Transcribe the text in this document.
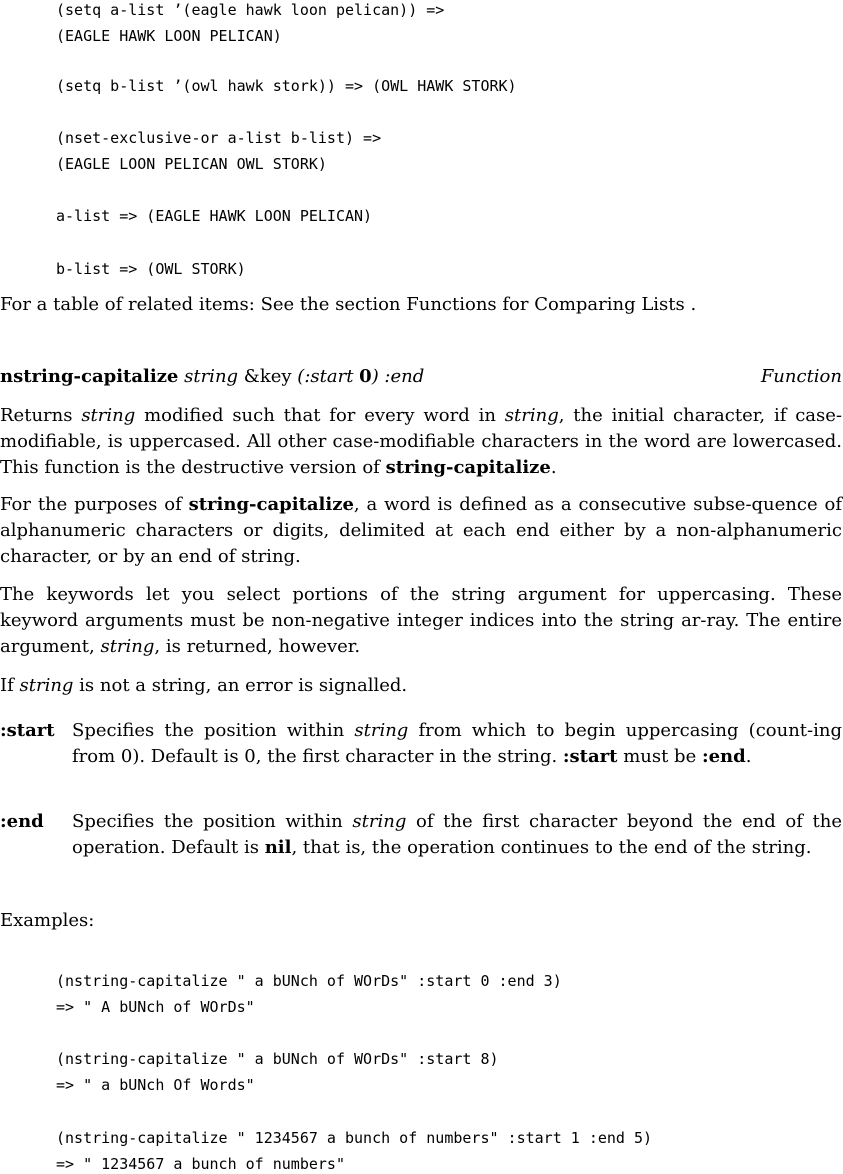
(setq a-list ’(eagle hawk loon pelican)) =>
(EAGLE HAWK LOON PELICAN)
(setq b-list ’(owl hawk stork)) => (OWL HAWK STORK)
(nset-exclusive-or a-list b-list) =>
(EAGLE LOON PELICAN OWL STORK)
a-list => (EAGLE HAWK LOON PELICAN)
b-list => (OWL STORK)
For a table of related items: See the section Functions for Comparing Lists .
nstring-capitalize string &key (:start 0) :end	Function
Returns string modified such that for every word in string, the initial character, if case-modifiable, is uppercased. All other case-modifiable characters in the word are lowercased. This function is the destructive version of string-capitalize.
For the purposes of string-capitalize, a word is defined as a consecutive subse-quence of alphanumeric characters or digits, delimited at each end either by a non-alphanumeric character, or by an end of string.
The keywords let you select portions of the string argument for uppercasing. These keyword arguments must be non-negative integer indices into the string ar-ray. The entire argument, string, is returned, however.
If string is not a string, an error is signalled.
:start Specifies the position within string from which to begin uppercasing (count-ing from 0). Default is 0, the first character in the string. :start must be :end.
:end Specifies the position within string of the first character beyond the end of the operation. Default is nil, that is, the operation continues to the end of the string.
Examples:
(nstring-capitalize " a bUNch of WOrDs" :start 0 :end 3)
=> " A bUNch of WOrDs"
(nstring-capitalize " a bUNch of WOrDs" :start 8)
=> " a bUNch Of Words"
(nstring-capitalize " 1234567 a bunch of numbers" :start 1 :end 5)
=> " 1234567 a bunch of numbers"
